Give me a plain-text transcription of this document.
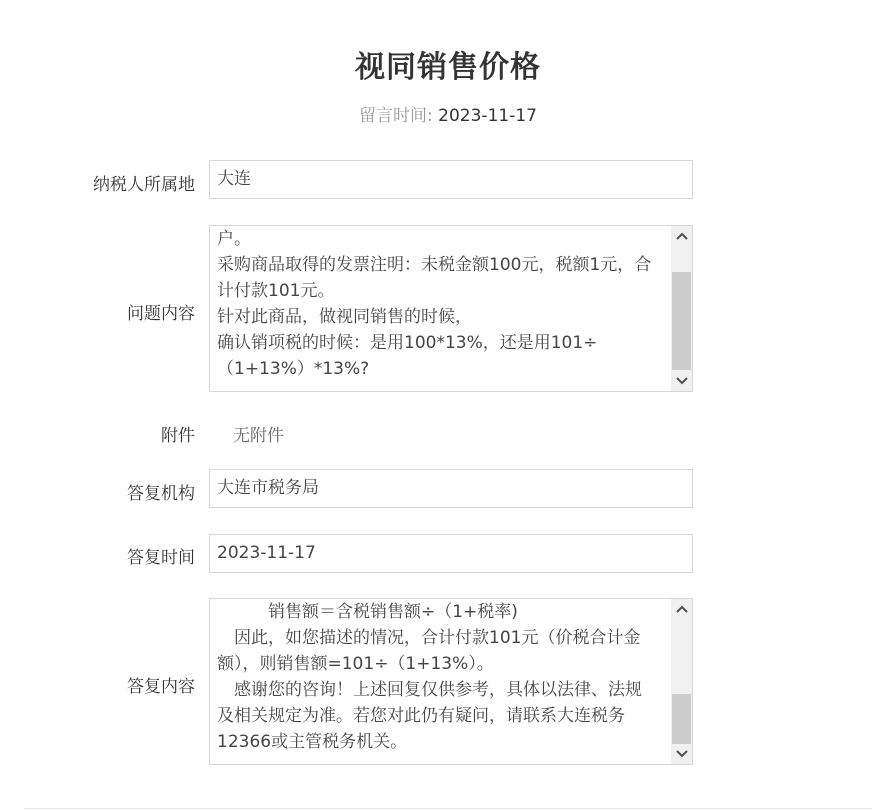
视同销售价格
留言时间: 2023-11-17
纳税人所属地	大连
问题内容

户。

采购商品取得的发票注明：未税金额100元，税额1元，合

计付款101元。

针对此商品，做视同销售的时候，

确认销项税的时候：是用100*13%，还是用101÷

（1+13%）*13%?

附件 无附件
答复机构	大连市税务局
答复时间	2023-11-17
答复内容

　　　销售额＝含税销售额÷（1+税率)

　因此，如您描述的情况，合计付款101元（价税合计金

额），则销售额=101÷（1+13%）。

　感谢您的咨询！上述回复仅供参考，具体以法律、法规

及相关规定为准。若您对此仍有疑问，请联系大连税务

12366或主管税务机关。
